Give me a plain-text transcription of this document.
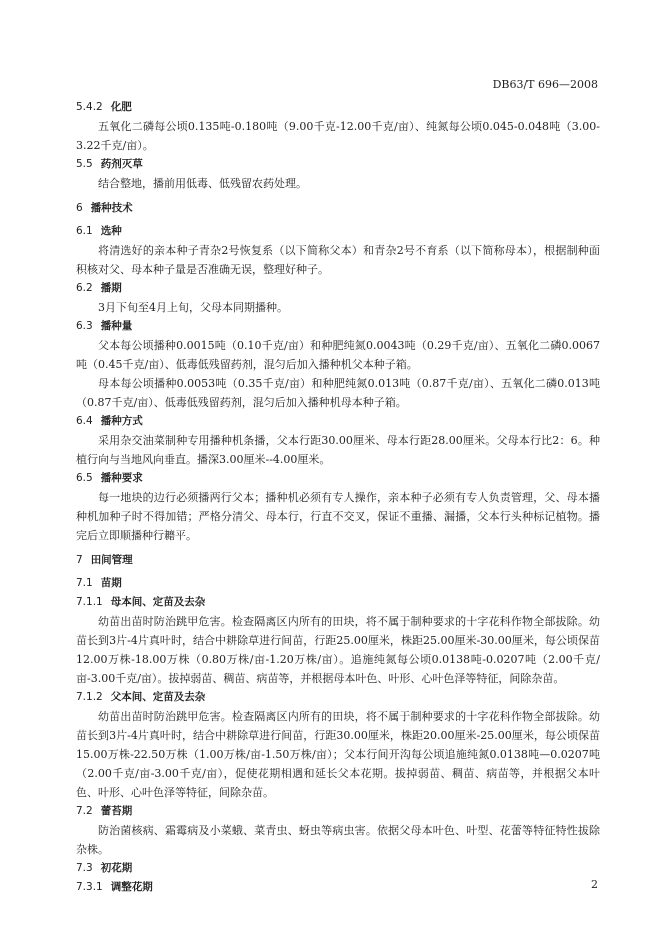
DB63/T 696—2008
5.4.2 化肥

五氧化二磷每公顷0.135吨-0.180吨（9.00千克-12.00千克/亩）、纯氮每公顷0.045-0.048吨（3.00-3.22千克/亩）。

5.5 药剂灭草

结合整地，播前用低毒、低残留农药处理。

6 播种技术
6.1 选种

将清选好的亲本种子青杂2号恢复系（以下简称父本）和青杂2号不育系（以下简称母本），根据制种面积核对父、母本种子量是否准确无误，整理好种子。

6.2 播期

3月下旬至4月上旬，父母本同期播种。

6.3 播种量

父本每公顷播种0.0015吨（0.10千克/亩）和种肥纯氮0.0043吨（0.29千克/亩）、五氧化二磷0.0067吨（0.45千克/亩）、低毒低残留药剂，混匀后加入播种机父本种子箱。

母本每公顷播种0.0053吨（0.35千克/亩）和种肥纯氮0.013吨（0.87千克/亩）、五氧化二磷0.013吨（0.87千克/亩）、低毒低残留药剂，混匀后加入播种机母本种子箱。

6.4 播种方式

采用杂交油菜制种专用播种机条播，父本行距30.00厘米、母本行距28.00厘米。父母本行比2：6。种植行向与当地风向垂直。播深3.00厘米--4.00厘米。

6.5 播种要求

每一地块的边行必须播两行父本；播种机必须有专人操作，亲本种子必须有专人负责管理，父、母本播种机加种子时不得加错；严格分清父、母本行，行直不交叉，保证不重播、漏播，父本行头种标记植物。播完后立即顺播种行耱平。

7 田间管理
7.1 苗期
7.1.1 母本间、定苗及去杂

幼苗出苗时防治跳甲危害。检查隔离区内所有的田块，将不属于制种要求的十字花科作物全部拔除。幼苗长到3片-4片真叶时，结合中耕除草进行间苗，行距25.00厘米，株距25.00厘米-30.00厘米，每公顷保苗12.00万株-18.00万株（0.80万株/亩-1.20万株/亩）。追施纯氮每公顷0.0138吨-0.0207吨（2.00千克/亩-3.00千克/亩）。拔掉弱苗、稠苗、病苗等，并根据母本叶色、叶形、心叶色泽等特征，间除杂苗。

7.1.2 父本间、定苗及去杂

幼苗出苗时防治跳甲危害。检查隔离区内所有的田块，将不属于制种要求的十字花科作物全部拔除。幼苗长到3片-4片真叶时，结合中耕除草进行间苗，行距30.00厘米，株距20.00厘米-25.00厘米，每公顷保苗15.00万株-22.50万株（1.00万株/亩-1.50万株/亩）；父本行间开沟每公顷追施纯氮0.0138吨—0.0207吨（2.00千克/亩-3.00千克/亩），促使花期相遇和延长父本花期。拔掉弱苗、稠苗、病苗等，并根据父本叶色、叶形、心叶色泽等特征，间除杂苗。

7.2 蕾苔期

防治菌核病、霜霉病及小菜蛾、菜青虫、蚜虫等病虫害。依据父母本叶色、叶型、花蕾等特征特性拔除杂株。

7.3 初花期
7.3.1 调整花期	2
